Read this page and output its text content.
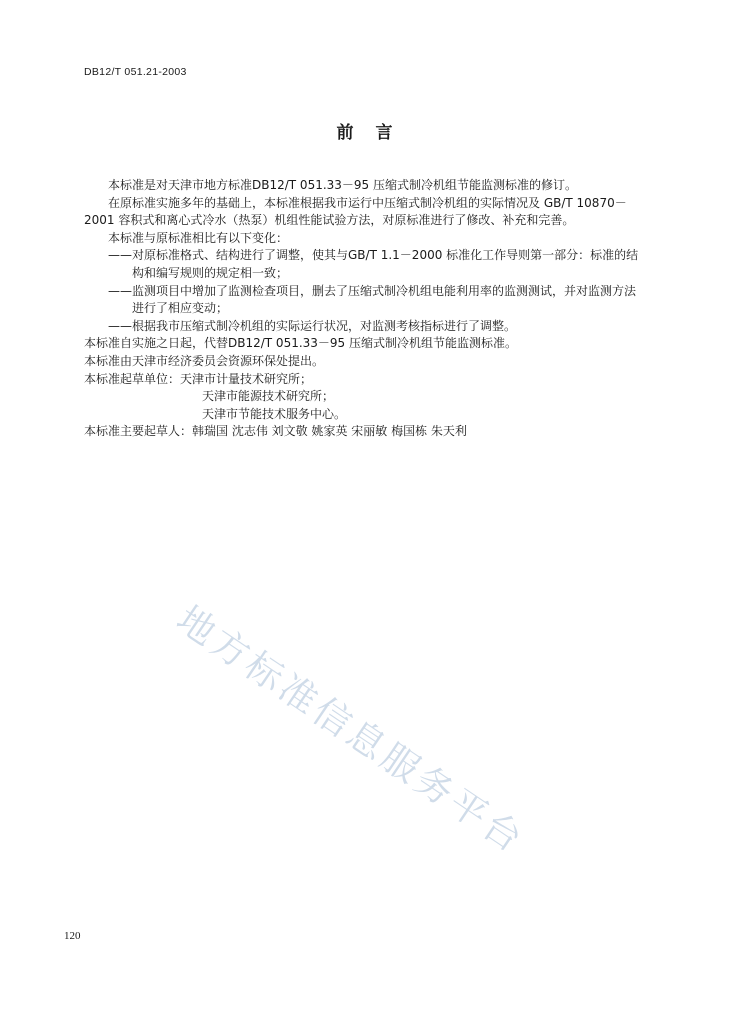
DB12/T 051.21-2003
前言

本标准是对天津市地方标准DB12/T 051.33－95 压缩式制冷机组节能监测标准的修订。

在原标准实施多年的基础上，本标准根据我市运行中压缩式制冷机组的实际情况及 GB/T 10870－2001 容积式和离心式冷水（热泵）机组性能试验方法，对原标准进行了修改、补充和完善。

本标准与原标准相比有以下变化：

——对原标准格式、结构进行了调整，使其与GB/T 1.1－2000 标准化工作导则第一部分：标准的结构和编写规则的规定相一致；

——监测项目中增加了监测检查项目，删去了压缩式制冷机组电能利用率的监测测试，并对监测方法进行了相应变动；

——根据我市压缩式制冷机组的实际运行状况，对监测考核指标进行了调整。

本标准自实施之日起，代替DB12/T 051.33－95 压缩式制冷机组节能监测标准。

本标准由天津市经济委员会资源环保处提出。

本标准起草单位：天津市计量技术研究所；

天津市能源技术研究所；

天津市节能技术服务中心。

本标准主要起草人：韩瑞国 沈志伟 刘文敬 姚家英 宋丽敏 梅国栋 朱天利

地方标准信息服务平台
120
